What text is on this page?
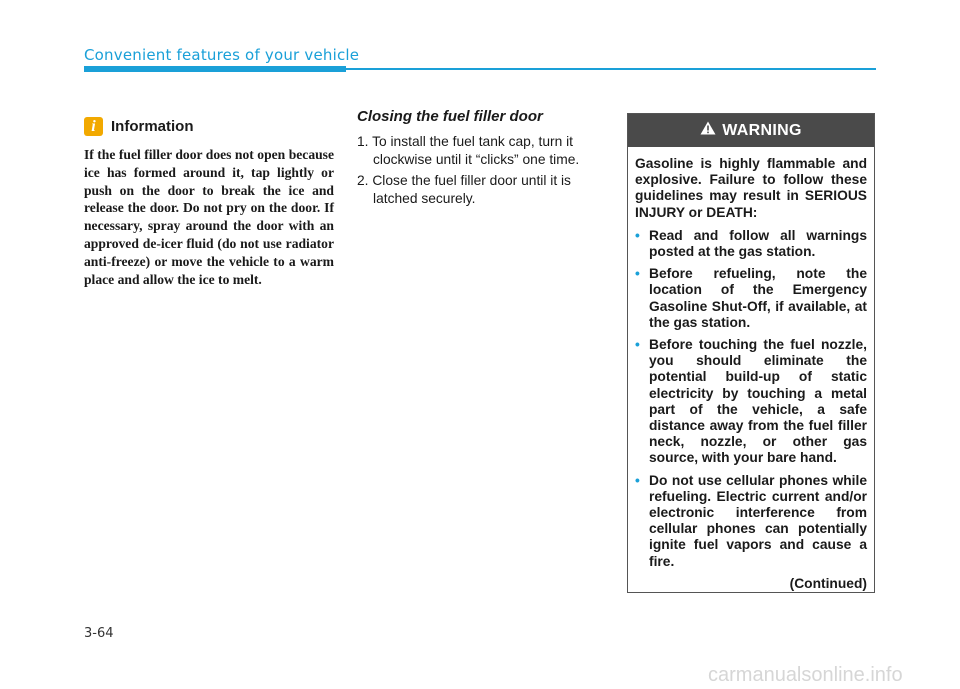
Convenient features of your vehicle
i	Information
If the fuel filler door does not open because ice has formed around it, tap lightly or push on the door to break the ice and release the door. Do not pry on the door. If necessary, spray around the door with an approved de-icer fluid (do not use radiator anti-freeze) or move the vehicle to a warm place and allow the ice to melt.
Closing the fuel filler door
1. To install the fuel tank cap, turn it clockwise until it “clicks” one time.
2. Close the fuel filler door until it is latched securely.
WARNING
Gasoline is highly flammable and explosive. Failure to follow these guidelines may result in SERIOUS INJURY or DEATH:
• Read and follow all warnings posted at the gas station.
• Before refueling, note the location of the Emergency Gasoline Shut-Off, if available, at the gas station.
• Before touching the fuel nozzle, you should eliminate the potential build-up of static electricity by touching a metal part of the vehicle, a safe distance away from the fuel filler neck, nozzle, or other gas source, with your bare hand.
• Do not use cellular phones while refueling. Electric current and/or electronic interference from cellular phones can potentially ignite fuel vapors and cause a fire.
(Continued)
3-64
carmanualsonline.info
